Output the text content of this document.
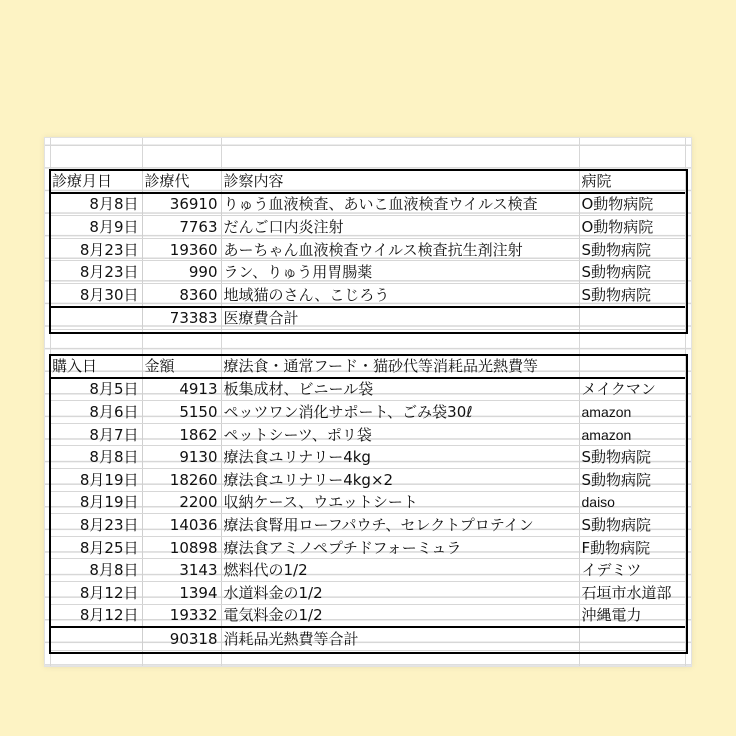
診療月日	診療代	診察内容	病院
8月8日	36910	りゅう血液検査、あいこ血液検査ウイルス検査	O動物病院
8月9日	7763	だんご口内炎注射	O動物病院
8月23日	19360	あーちゃん血液検査ウイルス検査抗生剤注射	S動物病院
8月23日	990	ラン、りゅう用胃腸薬	S動物病院
8月30日	8360	地域猫のさん、こじろう	S動物病院
	73383	医療費合計	
購入日	金額	療法食・通常フード・猫砂代等消耗品光熱費等	
8月5日	4913	板集成材、ビニール袋	メイクマン
8月6日	5150	ペッツワン消化サポート、ごみ袋30ℓ	amazon
8月7日	1862	ペットシーツ、ポリ袋	amazon
8月8日	9130	療法食ユリナリー4kg	S動物病院
8月19日	18260	療法食ユリナリー4kg×2	S動物病院
8月19日	2200	収納ケース、ウエットシート	daiso
8月23日	14036	療法食腎用ローフパウチ、セレクトプロテイン	S動物病院
8月25日	10898	療法食アミノペプチドフォーミュラ	F動物病院
8月8日	3143	燃料代の1/2	イデミツ
8月12日	1394	水道料金の1/2	石垣市水道部
8月12日	19332	電気料金の1/2	沖縄電力
	90318	消耗品光熱費等合計	
